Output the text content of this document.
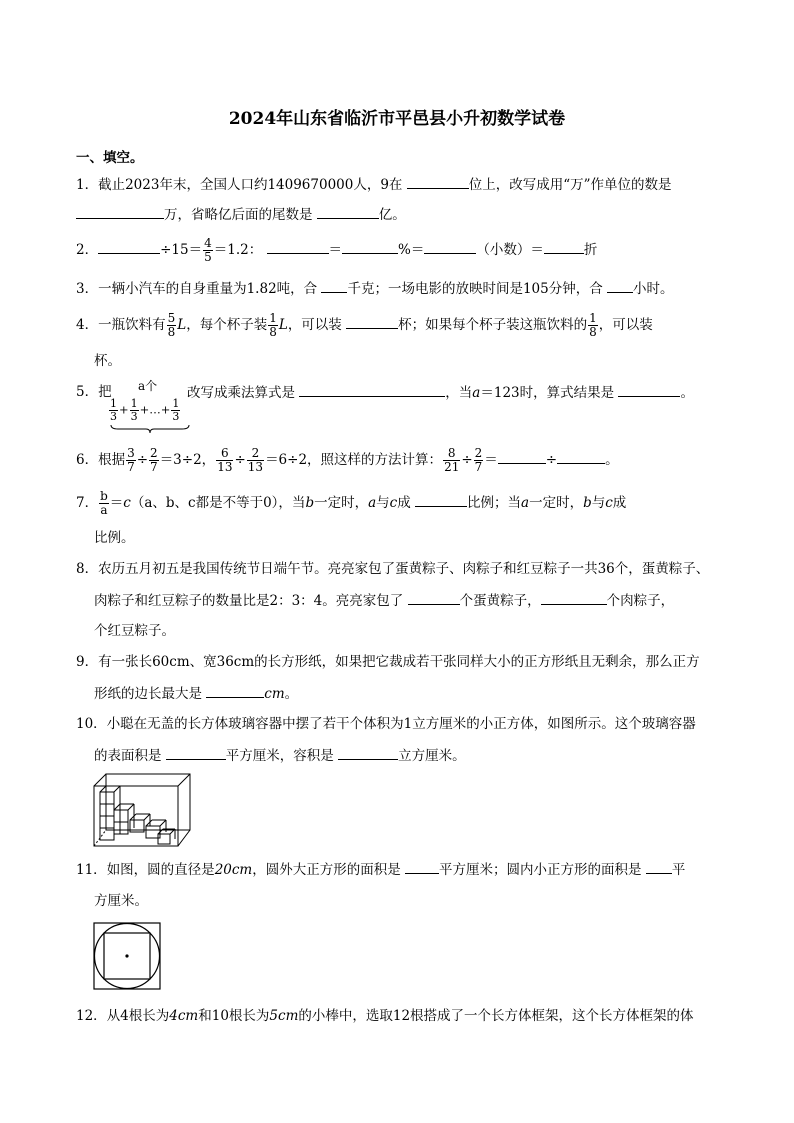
2024年山东省临沂市平邑县小升初数学试卷
一、填空。
1．截止2023年末，全国人口约1409670000人，9在	位上，改写成用“万”作单位的数是
万，省略亿后面的尾数是	亿。
2．	$\div 15= \frac{4}{5} =1.2$：	＝	%＝	（小数）＝	折
3．一辆小汽车的自身重量为1.82吨，合 千克；一场电影的放映时间是105分钟，合 小时。
4．一瓶饮料有 $\frac{5}{8}$ L，每个杯子装 $\frac{1}{8}$ L，可以装	杯；如果每个杯子装这瓶饮料的 $\frac{1}{8}$ ，可以装
杯。
5．把 a个
$\frac{1}{3} + \frac{1}{3}$ +…+ $\frac{1}{3}$
改写成乘法算式是	，当a＝123时，算式结果是	。
6．根据 $\frac{3}{7} \div \frac{2}{7} =3\div 2$， $\frac{6}{13} \div \frac{2}{13} =6\div 2$，照这样的方法计算： $\frac{8}{21} \div \frac{2}{7}$ ＝	÷	。
7． $\frac{b}{a} =c(a$、b、c都是不等于0），当b一定时，a与c成	比例；当a一定时，b与c成
比例。
8．农历五月初五是我国传统节日端午节。亮亮家包了蛋黄粽子、肉粽子和红豆粽子一共36个，蛋黄粽子、
肉粽子和红豆粽子的数量比是2：3：4。亮亮家包了	个蛋黄粽子，	个肉粽子，
个红豆粽子。
9．有一张长60cm、宽36cm的长方形纸，如果把它裁成若干张同样大小的正方形纸且无剩余，那么正方
形纸的边长最大是	cm。
10．小聪在无盖的长方体玻璃容器中摆了若干个体积为1立方厘米的小正方体，如图所示。这个玻璃容器
的表面积是	平方厘米，容积是	立方厘米。
11．如图，圆的直径是20cm，圆外大正方形的面积是	平方厘米；圆内小正方形的面积是 平
方厘米。
12．从4根长为4cm和10根长为5cm的小棒中，选取12根搭成了一个长方体框架，这个长方体框架的体
